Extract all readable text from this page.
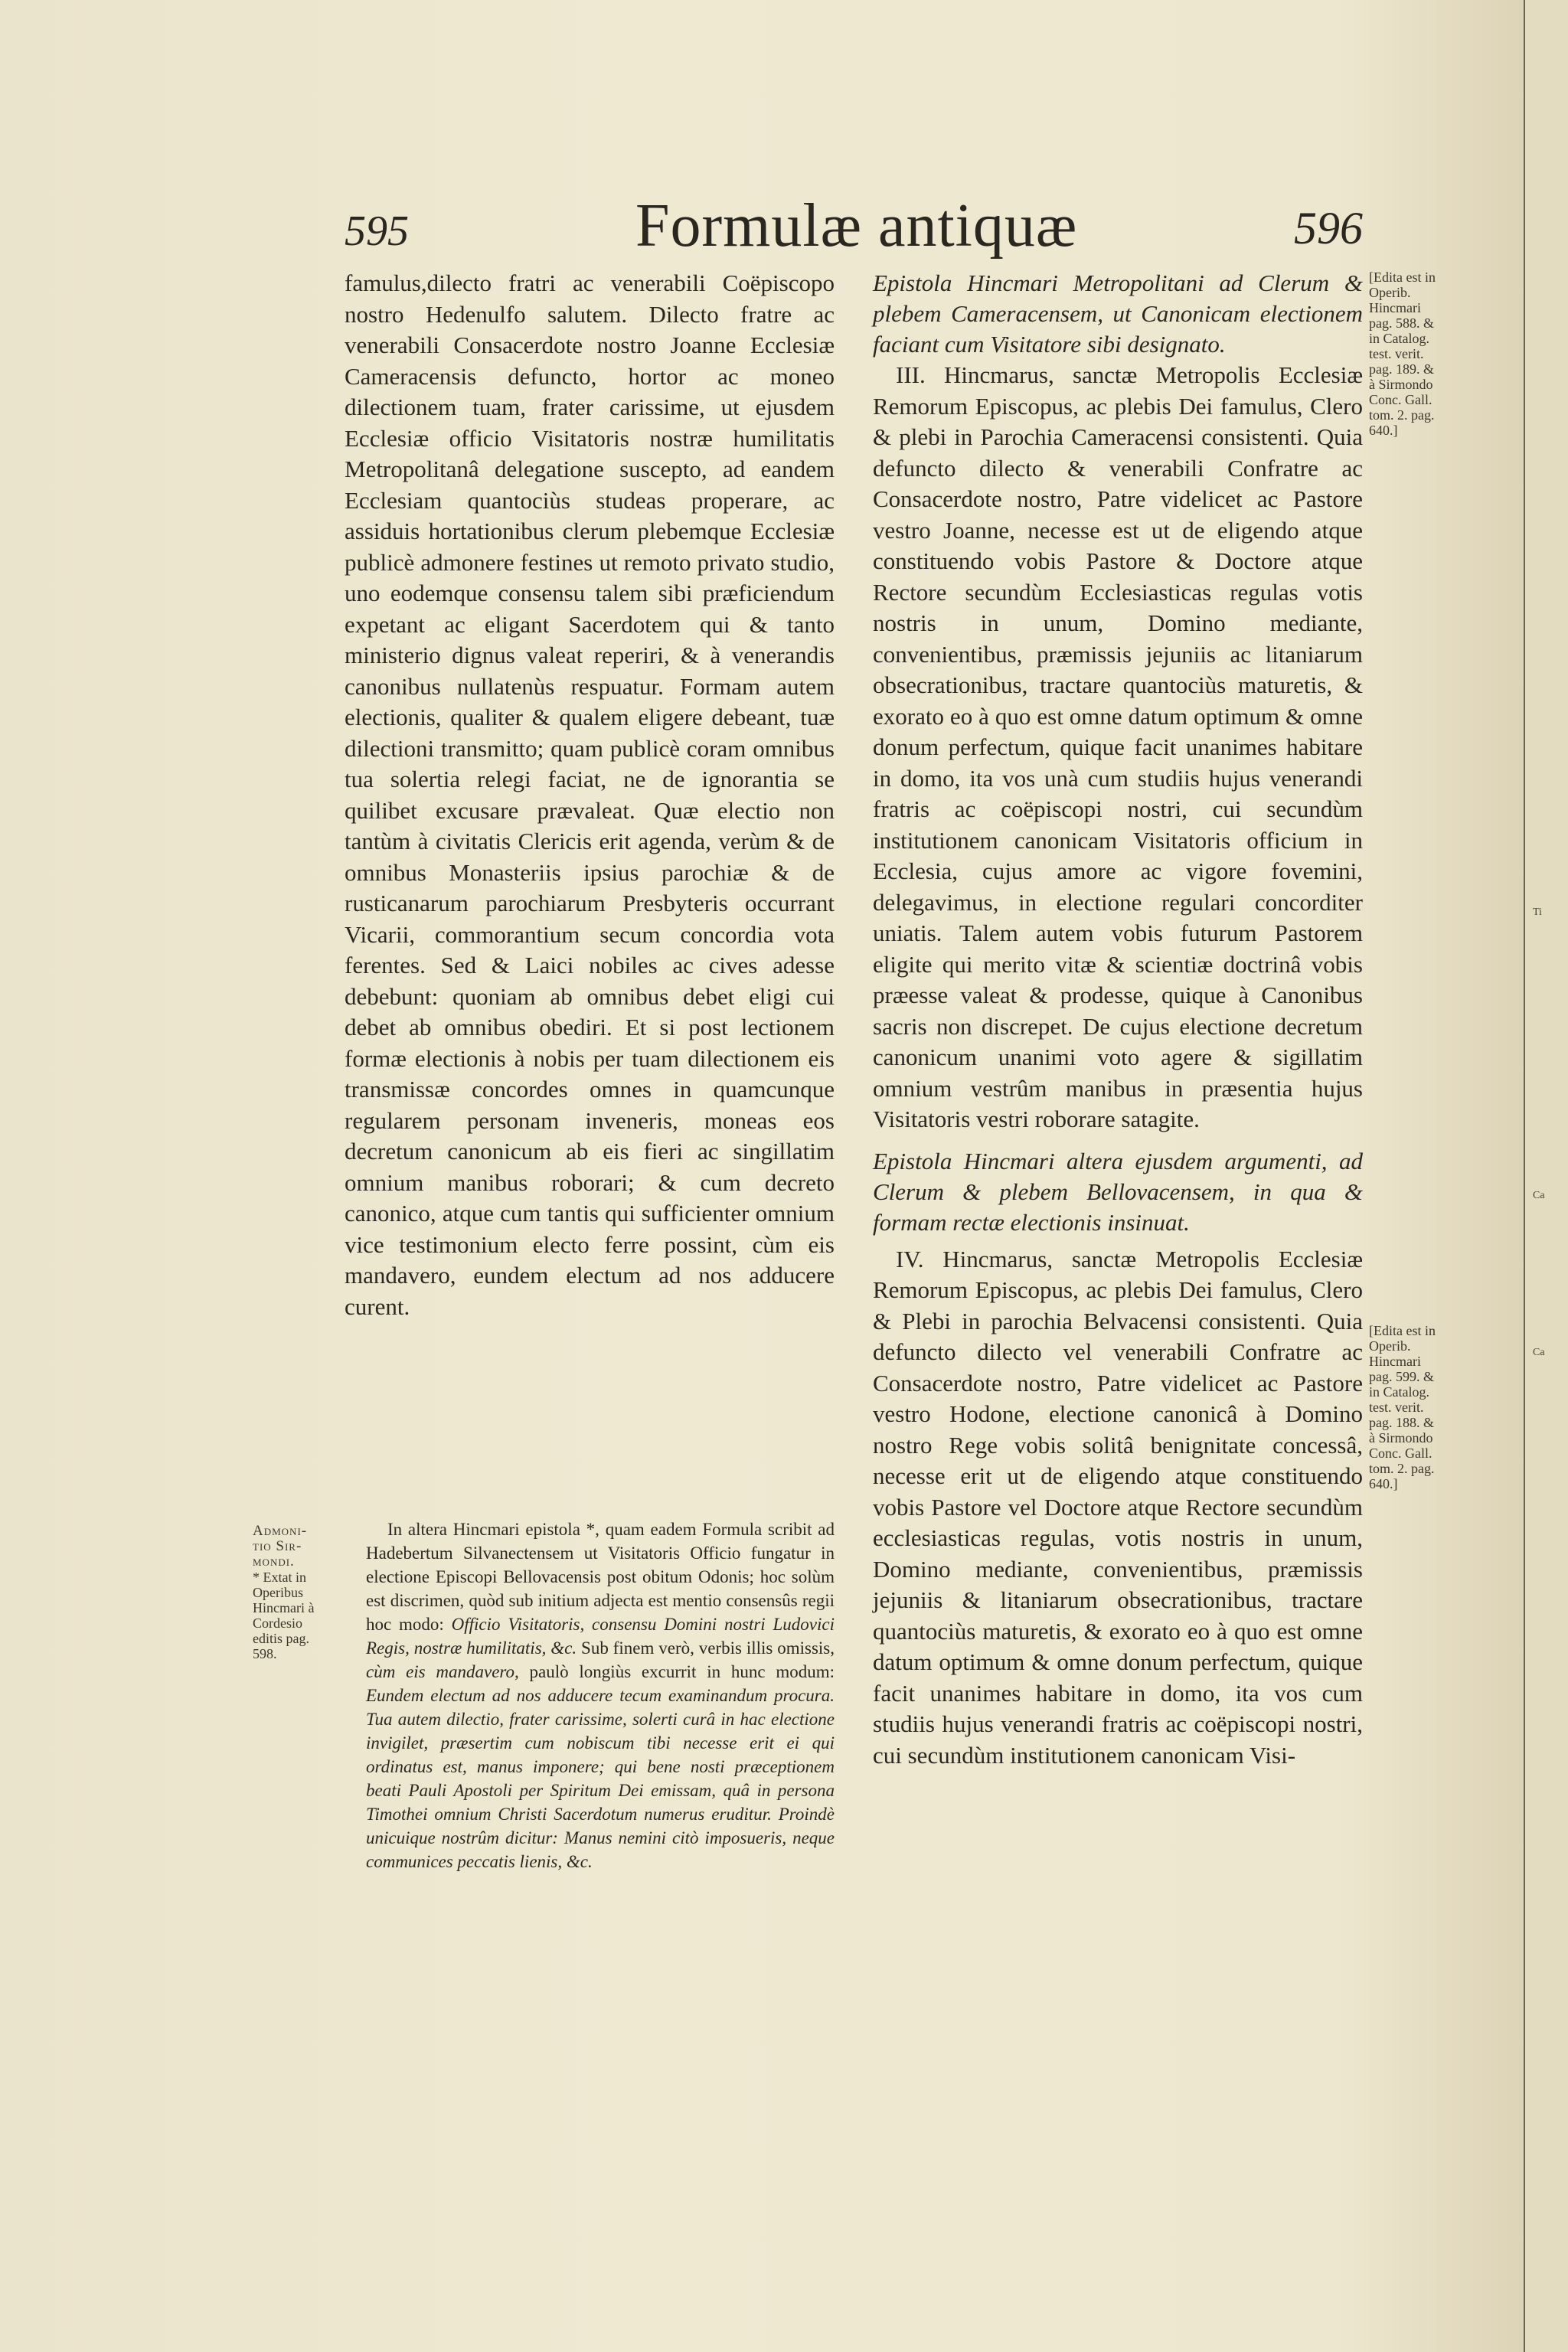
595	Formulæ antiquæ	596

famulus,dilecto fratri ac venerabili Coëpiscopo nostro Hedenulfo salutem. Dilecto fratre ac venerabili Consacerdote nostro Joanne Ecclesiæ Cameracensis defuncto, hortor ac moneo dilectionem tuam, frater carissime, ut ejusdem Ecclesiæ officio Visitatoris nostræ humilitatis Metropolitanâ delegatione suscepto, ad eandem Ecclesiam quantociùs studeas properare, ac assiduis hortationibus clerum plebemque Ecclesiæ publicè admonere festines ut remoto privato studio, uno eodemque consensu talem sibi præficiendum expetant ac eligant Sacerdotem qui & tanto ministerio dignus valeat reperiri, & à venerandis canonibus nullatenùs respuatur. Formam autem electionis, qualiter & qualem eligere debeant, tuæ dilectioni transmitto; quam publicè coram omnibus tua solertia relegi faciat, ne de ignorantia se quilibet excusare prævaleat. Quæ electio non tantùm à civitatis Clericis erit agenda, verùm & de omnibus Monasteriis ipsius parochiæ & de rusticanarum parochiarum Presbyteris occurrant Vicarii, commorantium secum concordia vota ferentes. Sed & Laici nobiles ac cives adesse debebunt: quoniam ab omnibus debet eligi cui debet ab omnibus obediri. Et si post lectionem formæ electionis à nobis per tuam dilectionem eis transmissæ concordes omnes in quamcunque regularem personam inveneris, moneas eos decretum canonicum ab eis fieri ac singillatim omnium manibus roborari; & cum decreto canonico, atque cum tantis qui sufficienter omnium vice testimonium electo ferre possint, cùm eis mandavero, eundem electum ad nos adducere curent.

Admoni-
tio Sir-
mondi.
* Extat in Operibus Hincmari à Cordesio editis pag. 598.
In altera Hincmari epistola *, quam eadem Formula scribit ad Hadebertum Silvanectensem ut Visitatoris Officio fungatur in electione Episcopi Bellovacensis post obitum Odonis; hoc solùm est discrimen, quòd sub initium adjecta est mentio consensûs regii hoc modo: Officio Visitatoris, consensu Domini nostri Ludovici Regis, nostræ humilitatis, &c. Sub finem verò, verbis illis omissis, cùm eis mandavero, paulò longiùs excurrit in hunc modum: Eundem electum ad nos adducere tecum examinandum procura. Tua autem dilectio, frater carissime, solerti curâ in hac electione invigilet, præsertim cum nobiscum tibi necesse erit ei qui ordinatus est, manus imponere; qui bene nosti præceptionem beati Pauli Apostoli per Spiritum Dei emissam, quâ in persona Timothei omnium Christi Sacerdotum numerus eruditur. Proindè unicuique nostrûm dicitur: Manus nemini citò imposueris, neque communices peccatis lienis, &c.

Epistola Hincmari Metropolitani ad Clerum & plebem Cameracensem, ut Canonicam electionem faciant cum Visitatore sibi designato.

III. Hincmarus, sanctæ Metropolis Ecclesiæ Remorum Episcopus, ac plebis Dei famulus, Clero & plebi in Parochia Cameracensi consistenti. Quia defuncto dilecto & venerabili Confratre ac Consacerdote nostro, Patre videlicet ac Pastore vestro Joanne, necesse est ut de eligendo atque constituendo vobis Pastore & Doctore atque Rectore secundùm Ecclesiasticas regulas votis nostris in unum, Domino mediante, convenientibus, præmissis jejuniis ac litaniarum obsecrationibus, tractare quantociùs maturetis, & exorato eo à quo est omne datum optimum & omne donum perfectum, quique facit unanimes habitare in domo, ita vos unà cum studiis hujus venerandi fratris ac coëpiscopi nostri, cui secundùm institutionem canonicam Visitatoris officium in Ecclesia, cujus amore ac vigore fovemini, delegavimus, in electione regulari concorditer uniatis. Talem autem vobis futurum Pastorem eligite qui merito vitæ & scientiæ doctrinâ vobis præesse valeat & prodesse, quique à Canonibus sacris non discrepet. De cujus electione decretum canonicum unanimi voto agere & sigillatim omnium vestrûm manibus in præsentia hujus Visitatoris vestri roborare satagite.

Epistola Hincmari altera ejusdem argumenti, ad Clerum & plebem Bellovacensem, in qua & formam rectæ electionis insinuat.

IV. Hincmarus, sanctæ Metropolis Ecclesiæ Remorum Episcopus, ac plebis Dei famulus, Clero & Plebi in parochia Belvacensi consistenti. Quia defuncto dilecto vel venerabili Confratre ac Consacerdote nostro, Patre videlicet ac Pastore vestro Hodone, electione canonicâ à Domino nostro Rege vobis solitâ benignitate concessâ, necesse erit ut de eligendo atque constituendo vobis Pastore vel Doctore atque Rectore secundùm ecclesiasticas regulas, votis nostris in unum, Domino mediante, convenientibus, præmissis jejuniis & litaniarum obsecrationibus, tractare quantociùs maturetis, & exorato eo à quo est omne datum optimum & omne donum perfectum, quique facit unanimes habitare in domo, ita vos cum studiis hujus venerandi fratris ac coëpiscopi nostri, cui secundùm institutionem canonicam Visi-

[Edita est in Operib. Hincmari pag. 588. & in Catalog. test. verit. pag. 189. & à Sirmondo Conc. Gall. tom. 2. pag. 640.]
[Edita est in Operib. Hincmari pag. 599. & in Catalog. test. verit. pag. 188. & à Sirmondo Conc. Gall. tom. 2. pag. 640.]
Ti
Ca
Ca
